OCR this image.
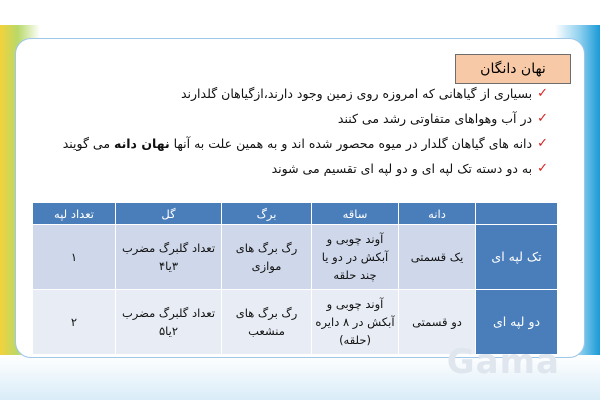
نهان دانگان
✓
بسیاری از گیاهانی که امروزه روی زمین وجود دارند،ازگیاهان گلدارند
✓
در آب وهواهای متفاوتی رشد می کنند
✓
دانه های گیاهان گلدار در میوه محصور شده اند و به همین علت به آنها نهان دانه می گویند
✓
به دو دسته تک لپه ای و دو لپه ای تقسیم می شوند
	دانه	ساقه	برگ	گل	تعداد لپه
تک لپه ای	یک قسمتی	آوند چوبی و آبکش در دو یا چند حلقه	رگ برگ های موازی	تعداد گلبرگ مضرب ۳یا۴	۱
دو لپه ای	دو قسمتی	آوند چوبی و آبکش در ۸ دایره (حلقه)	رگ برگ های منشعب	تعداد گلبرگ مضرب ۲یا۵	۲
Gama
